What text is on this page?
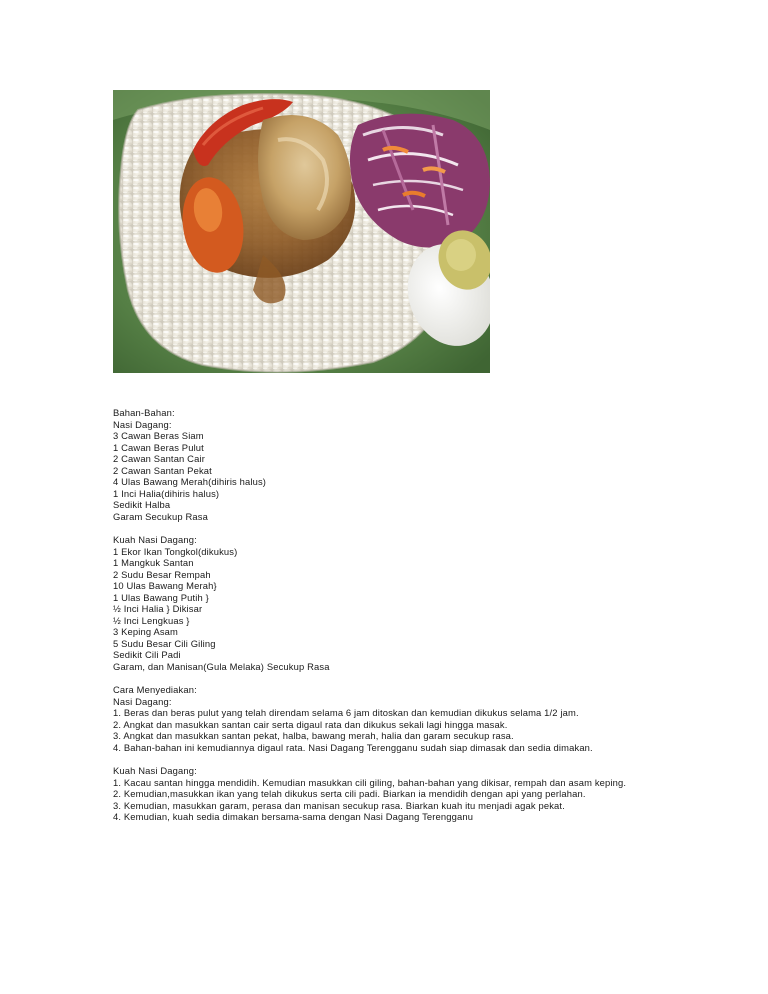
Bahan-Bahan:
Nasi Dagang:
3 Cawan Beras Siam
1 Cawan Beras Pulut
2 Cawan Santan Cair
2 Cawan Santan Pekat
4 Ulas Bawang Merah(dihiris halus)
1 Inci Halia(dihiris halus)
Sedikit Halba
Garam Secukup Rasa
Kuah Nasi Dagang:
1 Ekor Ikan Tongkol(dikukus)
1 Mangkuk Santan
2 Sudu Besar Rempah
10 Ulas Bawang Merah}
1 Ulas Bawang Putih }
½ Inci Halia } Dikisar
½ Inci Lengkuas }
3 Keping Asam
5 Sudu Besar Cili Giling
Sedikit Cili Padi
Garam, dan Manisan(Gula Melaka) Secukup Rasa
Cara Menyediakan:
Nasi Dagang:
1. Beras dan beras pulut yang telah direndam selama 6 jam ditoskan dan kemudian dikukus selama 1/2 jam.
2. Angkat dan masukkan santan cair serta digaul rata dan dikukus sekali lagi hingga masak.
3. Angkat dan masukkan santan pekat, halba, bawang merah, halia dan garam secukup rasa.
4. Bahan-bahan ini kemudiannya digaul rata. Nasi Dagang Terengganu sudah siap dimasak dan sedia dimakan.
Kuah Nasi Dagang:
1. Kacau santan hingga mendidih. Kemudian masukkan cili giling, bahan-bahan yang dikisar, rempah dan asam keping.
2. Kemudian,masukkan ikan yang telah dikukus serta cili padi. Biarkan ia mendidih dengan api yang perlahan.
3. Kemudian, masukkan garam, perasa dan manisan secukup rasa. Biarkan kuah itu menjadi agak pekat.
4. Kemudian, kuah sedia dimakan bersama-sama dengan Nasi Dagang Terengganu
